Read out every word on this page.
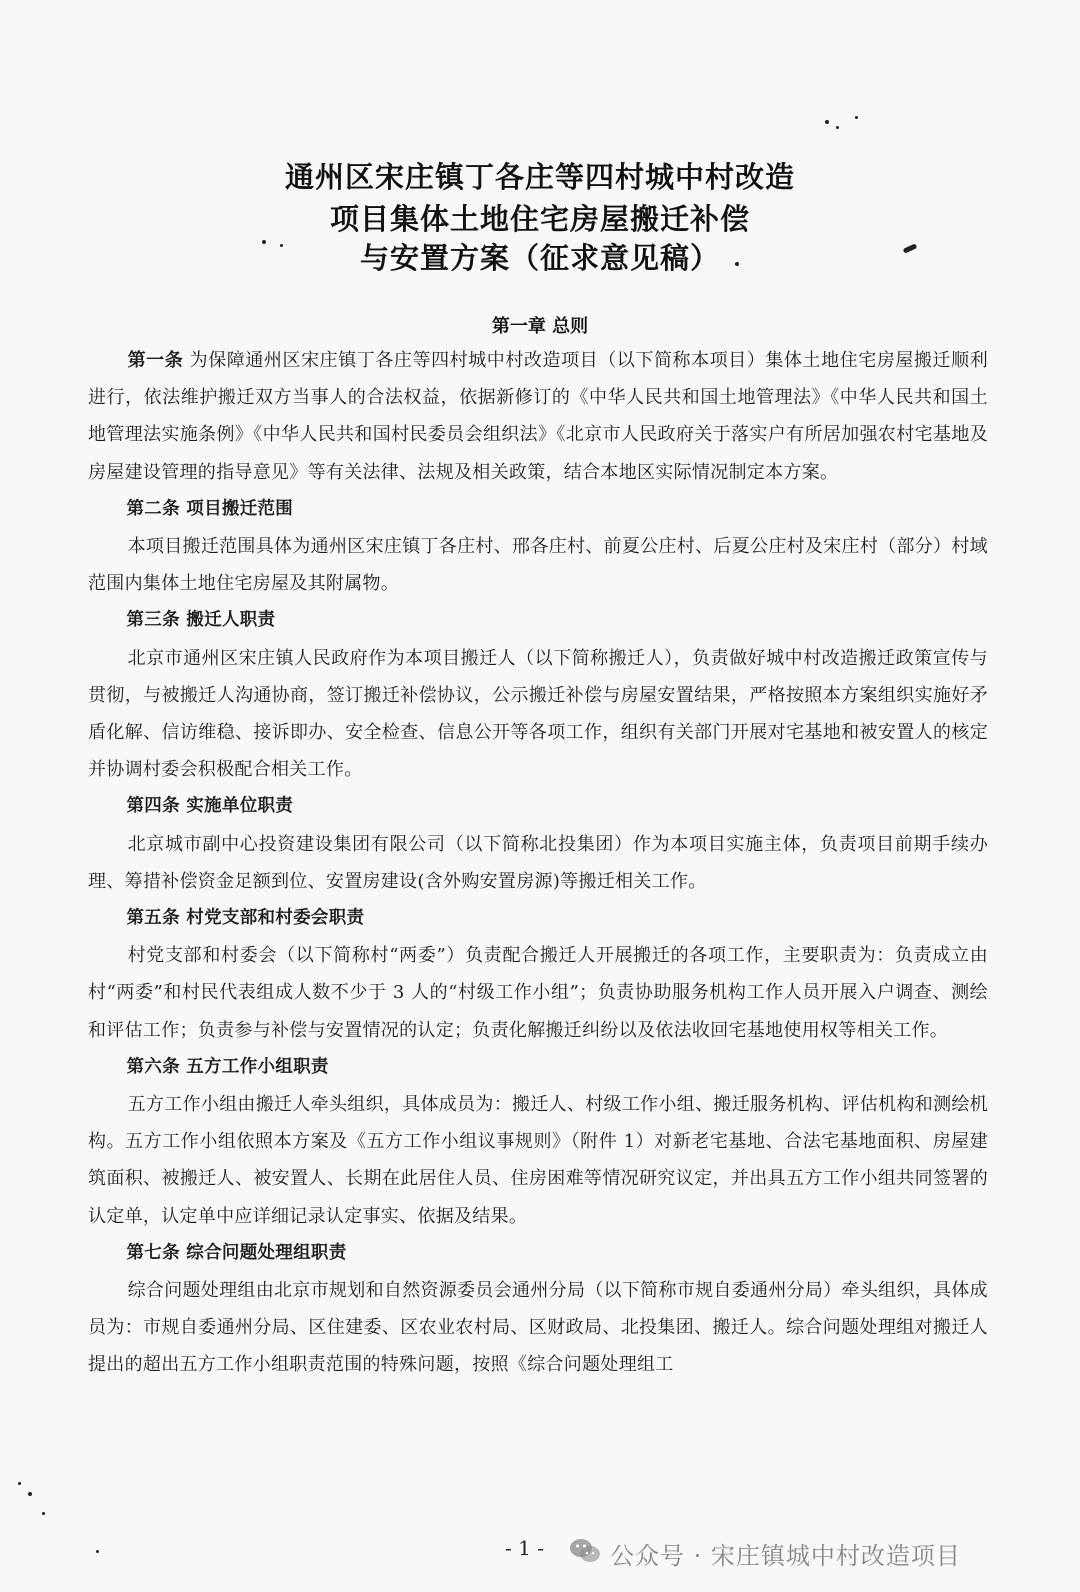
通州区宋庄镇丁各庄等四村城中村改造
项目集体土地住宅房屋搬迁补偿
与安置方案（征求意见稿）
第一章 总则

第一条 为保障通州区宋庄镇丁各庄等四村城中村改造项目（以下简称本项目）集体土地住宅房屋搬迁顺利进行，依法维护搬迁双方当事人的合法权益，依据新修订的《中华人民共和国土地管理法》《中华人民共和国土地管理法实施条例》《中华人民共和国村民委员会组织法》《北京市人民政府关于落实户有所居加强农村宅基地及房屋建设管理的指导意见》等有关法律、法规及相关政策，结合本地区实际情况制定本方案。

第二条 项目搬迁范围

本项目搬迁范围具体为通州区宋庄镇丁各庄村、邢各庄村、前夏公庄村、后夏公庄村及宋庄村（部分）村域范围内集体土地住宅房屋及其附属物。

第三条 搬迁人职责

北京市通州区宋庄镇人民政府作为本项目搬迁人（以下简称搬迁人），负责做好城中村改造搬迁政策宣传与贯彻，与被搬迁人沟通协商，签订搬迁补偿协议，公示搬迁补偿与房屋安置结果，严格按照本方案组织实施好矛盾化解、信访维稳、接诉即办、安全检查、信息公开等各项工作，组织有关部门开展对宅基地和被安置人的核定并协调村委会积极配合相关工作。

第四条 实施单位职责

北京城市副中心投资建设集团有限公司（以下简称北投集团）作为本项目实施主体，负责项目前期手续办理、筹措补偿资金足额到位、安置房建设(含外购安置房源)等搬迁相关工作。

第五条 村党支部和村委会职责

村党支部和村委会（以下简称村“两委”）负责配合搬迁人开展搬迁的各项工作，主要职责为：负责成立由村“两委”和村民代表组成人数不少于 3 人的“村级工作小组”；负责协助服务机构工作人员开展入户调查、测绘和评估工作；负责参与补偿与安置情况的认定；负责化解搬迁纠纷以及依法收回宅基地使用权等相关工作。

第六条 五方工作小组职责

五方工作小组由搬迁人牵头组织，具体成员为：搬迁人、村级工作小组、搬迁服务机构、评估机构和测绘机构。五方工作小组依照本方案及《五方工作小组议事规则》（附件 1）对新老宅基地、合法宅基地面积、房屋建筑面积、被搬迁人、被安置人、长期在此居住人员、住房困难等情况研究议定，并出具五方工作小组共同签署的认定单，认定单中应详细记录认定事实、依据及结果。

第七条 综合问题处理组职责

综合问题处理组由北京市规划和自然资源委员会通州分局（以下简称市规自委通州分局）牵头组织，具体成员为：市规自委通州分局、区住建委、区农业农村局、区财政局、北投集团、搬迁人。综合问题处理组对搬迁人提出的超出五方工作小组职责范围的特殊问题，按照《综合问题处理组工

- 1 -	公众号 · 宋庄镇城中村改造项目
